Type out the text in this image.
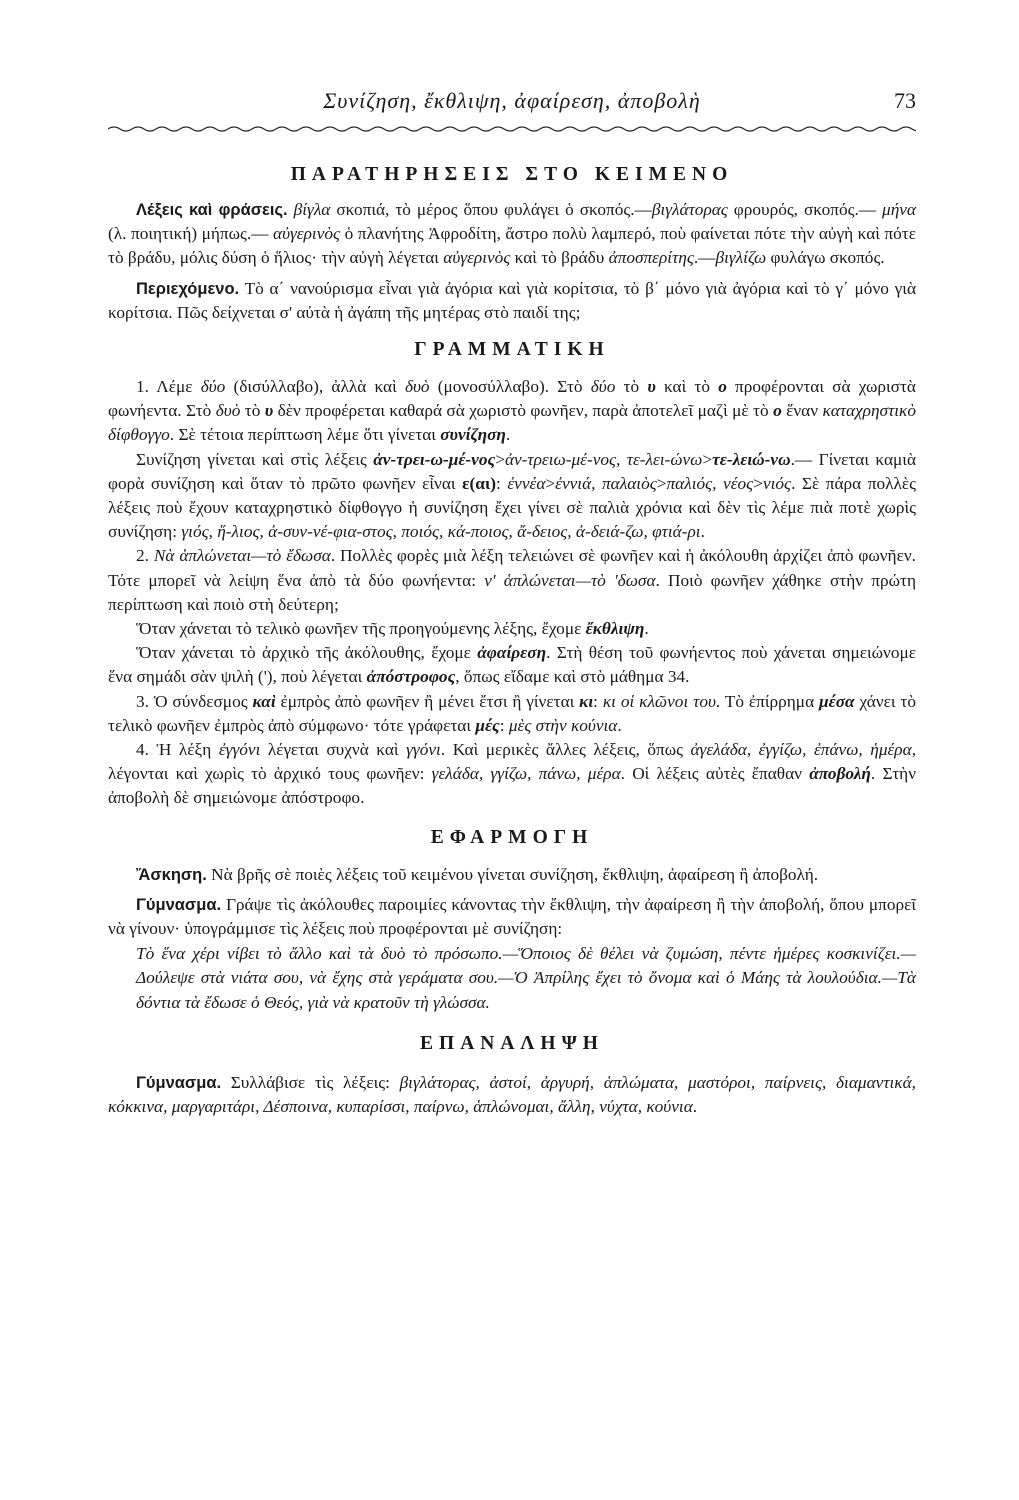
Συνίζηση, ἔκθλιψη, ἀφαίρεση, ἀποβολὴ	73
ΠΑΡΑΤΗΡΗΣΕΙΣ ΣΤΟ ΚΕΙΜΕΝΟ

Λέξεις καὶ φράσεις. βίγλα σκοπιά, τὸ μέρος ὅπου φυλάγει ὁ σκοπός.—βιγλάτορας φρουρός, σκοπός.— μήνα (λ. ποιητική) μήπως.— αὐγερινὸς ὁ πλανήτης Ἀφροδίτη, ἄστρο πολὺ λαμπερό, ποὺ φαίνεται πότε τὴν αὐγὴ καὶ πότε τὸ βράδυ, μόλις δύση ὁ ἥλιος· τὴν αὐγὴ λέγεται αὐγερινὸς καὶ τὸ βράδυ ἀποσπερίτης.—βιγλίζω φυλάγω σκοπός.

Περιεχόμενο. Τὸ α΄ νανούρισμα εἶναι γιὰ ἀγόρια καὶ γιὰ κορίτσια, τὸ β΄ μόνο γιὰ ἀγόρια καὶ τὸ γ΄ μόνο γιὰ κορίτσια. Πῶς δείχνεται σ' αὐτὰ ἡ ἀγάπη τῆς μητέρας στὸ παιδί της;

ΓΡΑΜΜΑΤΙΚΗ

1. Λέμε δύο (δισύλλαβο), ἀλλὰ καὶ δυὸ (μονοσύλλαβο). Στὸ δύο τὸ υ καὶ τὸ ο προφέρονται σὰ χωριστὰ φωνήεντα. Στὸ δυὸ τὸ υ δὲν προφέρεται καθαρά σὰ χωριστὸ φωνῆεν, παρὰ ἀποτελεῖ μαζὶ μὲ τὸ ο ἕναν καταχρηστικὸ δίφθογγο. Σὲ τέτοια περίπτωση λέμε ὅτι γίνεται συνίζηση.

Συνίζηση γίνεται καὶ στὶς λέξεις ἀν-τρει-ω-μέ-νος>ἀν-τρειω-μέ-νος, τε-λει-ώνω>τε-λειώ-νω.— Γίνεται καμιὰ φορὰ συνίζηση καὶ ὅταν τὸ πρῶτο φωνῆεν εἶναι ε(αι): ἐννέα>ἐννιά, παλαιὸς>παλιός, νέος>νιός. Σὲ πάρα πολλὲς λέξεις ποὺ ἔχουν καταχρηστικὸ δίφθογγο ἡ συνίζηση ἔχει γίνει σὲ παλιὰ χρόνια καὶ δὲν τὶς λέμε πιὰ ποτὲ χωρὶς συνίζηση: γιός, ἥ-λιος, ἀ-συν-νέ-φια-στος, ποιός, κά-ποιος, ἄ-δειος, ἀ-δειά-ζω, φτιά-ρι.

2. Νὰ ἁπλώνεται—τὸ ἔδωσα. Πολλὲς φορὲς μιὰ λέξη τελειώνει σὲ φωνῆεν καὶ ἡ ἀκόλουθη ἀρχίζει ἀπὸ φωνῆεν. Τότε μπορεῖ νὰ λείψη ἕνα ἀπὸ τὰ δύο φωνήεντα: ν' ἁπλώνεται—τὸ 'δωσα. Ποιὸ φωνῆεν χάθηκε στὴν πρώτη περίπτωση καὶ ποιὸ στὴ δεύτερη;

Ὅταν χάνεται τὸ τελικὸ φωνῆεν τῆς προηγούμενης λέξης, ἔχομε ἔκθλιψη.

Ὅταν χάνεται τὸ ἀρχικὸ τῆς ἀκόλουθης, ἔχομε ἀφαίρεση. Στὴ θέση τοῦ φωνήεντος ποὺ χάνεται σημειώνομε ἕνα σημάδι σὰν ψιλὴ ('), ποὺ λέγεται ἀπόστροφος, ὅπως εἴδαμε καὶ στὸ μάθημα 34.

3. Ὁ σύνδεσμος καὶ ἐμπρὸς ἀπὸ φωνῆεν ἢ μένει ἔτσι ἢ γίνεται κι: κι οἱ κλῶνοι του. Τὸ ἐπίρρημα μέσα χάνει τὸ τελικὸ φωνῆεν ἐμπρὸς ἀπὸ σύμφωνο· τότε γράφεται μές: μὲς στὴν κούνια.

4. Ἡ λέξη ἐγγόνι λέγεται συχνὰ καὶ γγόνι. Καὶ μερικὲς ἄλλες λέξεις, ὅπως ἀγελάδα, ἐγγίζω, ἐπάνω, ἡμέρα, λέγονται καὶ χωρὶς τὸ ἀρχικό τους φωνῆεν: γελάδα, γγίζω, πάνω, μέρα. Οἱ λέξεις αὐτὲς ἔπαθαν ἀποβολή. Στὴν ἀποβολὴ δὲ σημειώνομε ἀπόστροφο.

ΕΦΑΡΜΟΓΗ

Ἄσκηση. Νὰ βρῆς σὲ ποιὲς λέξεις τοῦ κειμένου γίνεται συνίζηση, ἔκθλιψη, ἀφαίρεση ἢ ἀποβολή.

Γύμνασμα. Γράψε τὶς ἀκόλουθες παροιμίες κάνοντας τὴν ἔκθλιψη, τὴν ἀφαίρεση ἢ τὴν ἀποβολή, ὅπου μπορεῖ νὰ γίνουν· ὑπογράμμισε τὶς λέξεις ποὺ προφέρονται μὲ συνίζηση:

Τὸ ἕνα χέρι νίβει τὸ ἄλλο καὶ τὰ δυὸ τὸ πρόσωπο.—Ὅποιος δὲ θέλει νὰ ζυμώση, πέντε ἡμέρες κοσκινίζει.—Δούλεψε στὰ νιάτα σου, νὰ ἔχης στὰ γεράματα σου.—Ὁ Ἀπρίλης ἔχει τὸ ὄνομα καὶ ὁ Μάης τὰ λουλούδια.—Τὰ δόντια τὰ ἔδωσε ὁ Θεός, γιὰ νὰ κρατοῦν τὴ γλώσσα.

ΕΠΑΝΑΛΗΨΗ

Γύμνασμα. Συλλάβισε τὶς λέξεις: βιγλάτορας, ἀστοί, ἀργυρή, ἁπλώματα, μαστόροι, παίρνεις, διαμαντικά, κόκκινα, μαργαριτάρι, Δέσποινα, κυπαρίσσι, παίρνω, ἁπλώνομαι, ἄλλη, νύχτα, κούνια.
